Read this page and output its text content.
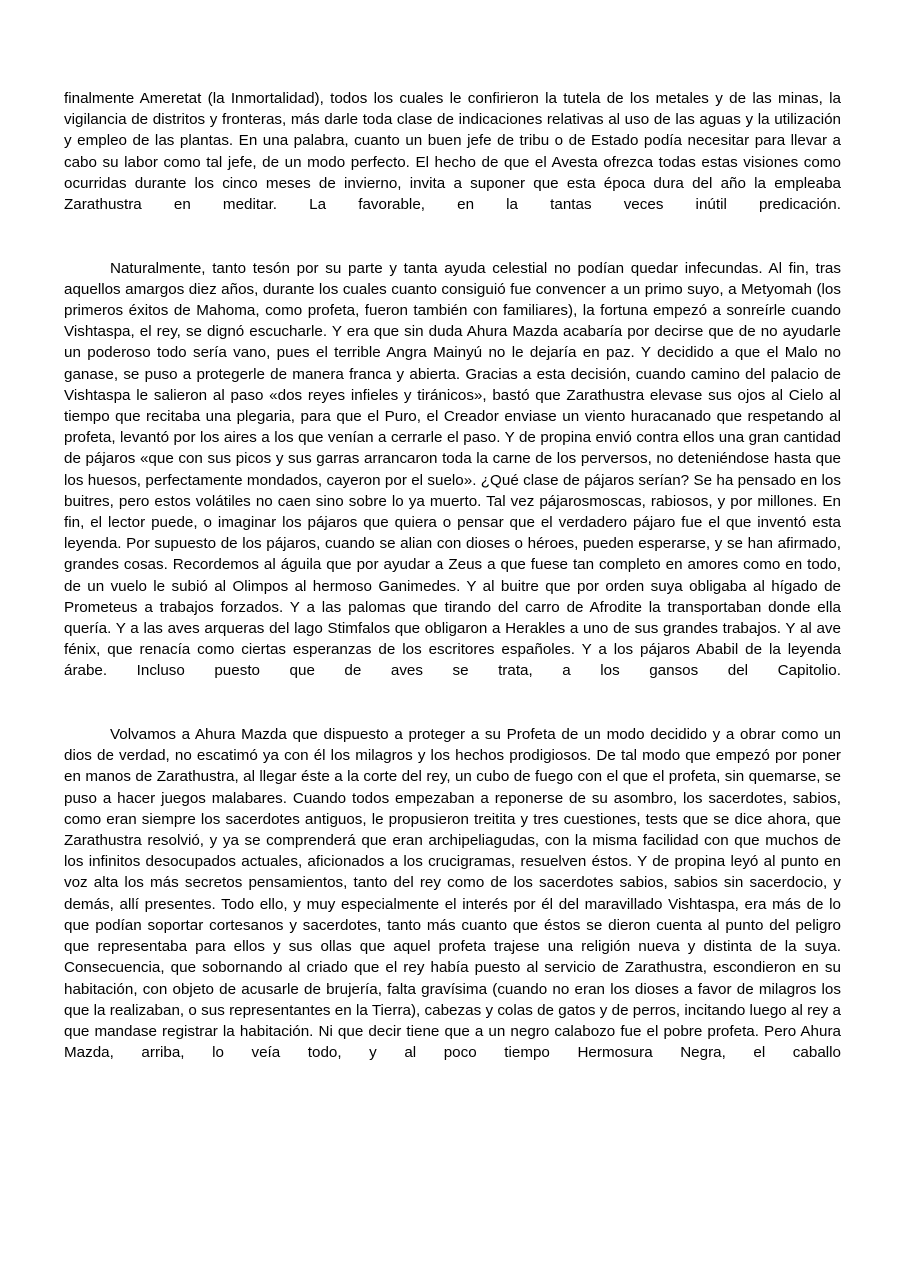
finalmente Ameretat (la Inmortalidad), todos los cuales le confirieron la tutela de los metales y de las minas, la vigilancia de distritos y fronteras, más darle toda clase de indicaciones relativas al uso de las aguas y la utilización y empleo de las plantas. En una palabra, cuanto un buen jefe de tribu o de Estado podía necesitar para llevar a cabo su labor como tal jefe, de un modo perfecto. El hecho de que el Avesta ofrezca todas estas visiones como ocurridas durante los cinco meses de invierno, invita a suponer que esta época dura del año la empleaba Zarathustra en meditar. La favorable, en la tantas veces inútil predicación.

Naturalmente, tanto tesón por su parte y tanta ayuda celestial no podían quedar infecundas. Al fin, tras aquellos amargos diez años, durante los cuales cuanto consiguió fue convencer a un primo suyo, a Metyomah (los primeros éxitos de Mahoma, como profeta, fueron también con familiares), la fortuna empezó a sonreírle cuando Vishtaspa, el rey, se dignó escucharle. Y era que sin duda Ahura Mazda acabaría por decirse que de no ayudarle un poderoso todo sería vano, pues el terrible Angra Mainyú no le dejaría en paz. Y decidido a que el Malo no ganase, se puso a protegerle de manera franca y abierta. Gracias a esta decisión, cuando camino del palacio de Vishtaspa le salieron al paso «dos reyes infieles y tiránicos», bastó que Zarathustra elevase sus ojos al Cielo al tiempo que recitaba una plegaria, para que el Puro, el Creador enviase un viento huracanado que respetando al profeta, levantó por los aires a los que venían a cerrarle el paso. Y de propina envió contra ellos una gran cantidad de pájaros «que con sus picos y sus garras arrancaron toda la carne de los perversos, no deteniéndose hasta que los huesos, perfectamente mondados, cayeron por el suelo». ¿Qué clase de pájaros serían? Se ha pensado en los buitres, pero estos volátiles no caen sino sobre lo ya muerto. Tal vez pájarosmoscas, rabiosos, y por millones. En fin, el lector puede, o imaginar los pájaros que quiera o pensar que el verdadero pájaro fue el que inventó esta leyenda. Por supuesto de los pájaros, cuando se alian con dioses o héroes, pueden esperarse, y se han afirmado, grandes cosas. Recordemos al águila que por ayudar a Zeus a que fuese tan completo en amores como en todo, de un vuelo le subió al Olimpos al hermoso Ganimedes. Y al buitre que por orden suya obligaba al hígado de Prometeus a trabajos forzados. Y a las palomas que tirando del carro de Afrodite la transportaban donde ella quería. Y a las aves arqueras del lago Stimfalos que obligaron a Herakles a uno de sus grandes trabajos. Y al ave fénix, que renacía como ciertas esperanzas de los escritores españoles. Y a los pájaros Ababil de la leyenda árabe. Incluso puesto que de aves se trata, a los gansos del Capitolio.

Volvamos a Ahura Mazda que dispuesto a proteger a su Profeta de un modo decidido y a obrar como un dios de verdad, no escatimó ya con él los milagros y los hechos prodigiosos. De tal modo que empezó por poner en manos de Zarathustra, al llegar éste a la corte del rey, un cubo de fuego con el que el profeta, sin quemarse, se puso a hacer juegos malabares. Cuando todos empezaban a reponerse de su asombro, los sacerdotes, sabios, como eran siempre los sacerdotes antiguos, le propusieron treitita y tres cuestiones, tests que se dice ahora, que Zarathustra resolvió, y ya se comprenderá que eran archipeliagudas, con la misma facilidad con que muchos de los infinitos desocupados actuales, aficionados a los crucigramas, resuelven éstos. Y de propina leyó al punto en voz alta los más secretos pensamientos, tanto del rey como de los sacerdotes sabios, sabios sin sacerdocio, y demás, allí presentes. Todo ello, y muy especialmente el interés por él del maravillado Vishtaspa, era más de lo que podían soportar cortesanos y sacerdotes, tanto más cuanto que éstos se dieron cuenta al punto del peligro que representaba para ellos y sus ollas que aquel profeta trajese una religión nueva y distinta de la suya. Consecuencia, que sobornando al criado que el rey había puesto al servicio de Zarathustra, escondieron en su habitación, con objeto de acusarle de brujería, falta gravísima (cuando no eran los dioses a favor de milagros los que la realizaban, o sus representantes en la Tierra), cabezas y colas de gatos y de perros, incitando luego al rey a que mandase registrar la habitación. Ni que decir tiene que a un negro calabozo fue el pobre profeta. Pero Ahura Mazda, arriba, lo veía todo, y al poco tiempo Hermosura Negra, el caballo
